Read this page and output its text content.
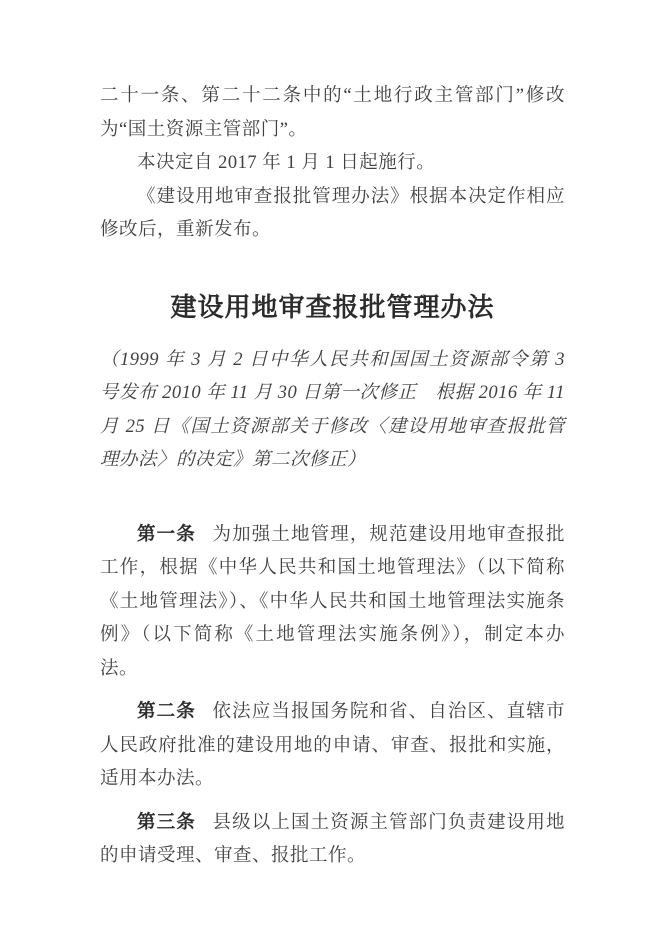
二十一条、第二十二条中的“土地行政主管部门”修改为“国土资源主管部门”。

本决定自 2017 年 1 月 1 日起施行。

《建设用地审查报批管理办法》根据本决定作相应修改后，重新发布。

建设用地审查报批管理办法

（1999 年 3 月 2 日中华人民共和国国土资源部令第 3 号发布 2010 年 11 月 30 日第一次修正　根据 2016 年 11 月 25 日《国土资源部关于修改〈建设用地审查报批管理办法〉的决定》第二次修正）

第一条 为加强土地管理，规范建设用地审查报批工作，根据《中华人民共和国土地管理法》（以下简称《土地管理法》）、《中华人民共和国土地管理法实施条例》（以下简称《土地管理法实施条例》），制定本办法。

第二条 依法应当报国务院和省、自治区、直辖市人民政府批准的建设用地的申请、审查、报批和实施，适用本办法。

第三条 县级以上国土资源主管部门负责建设用地的申请受理、审查、报批工作。
